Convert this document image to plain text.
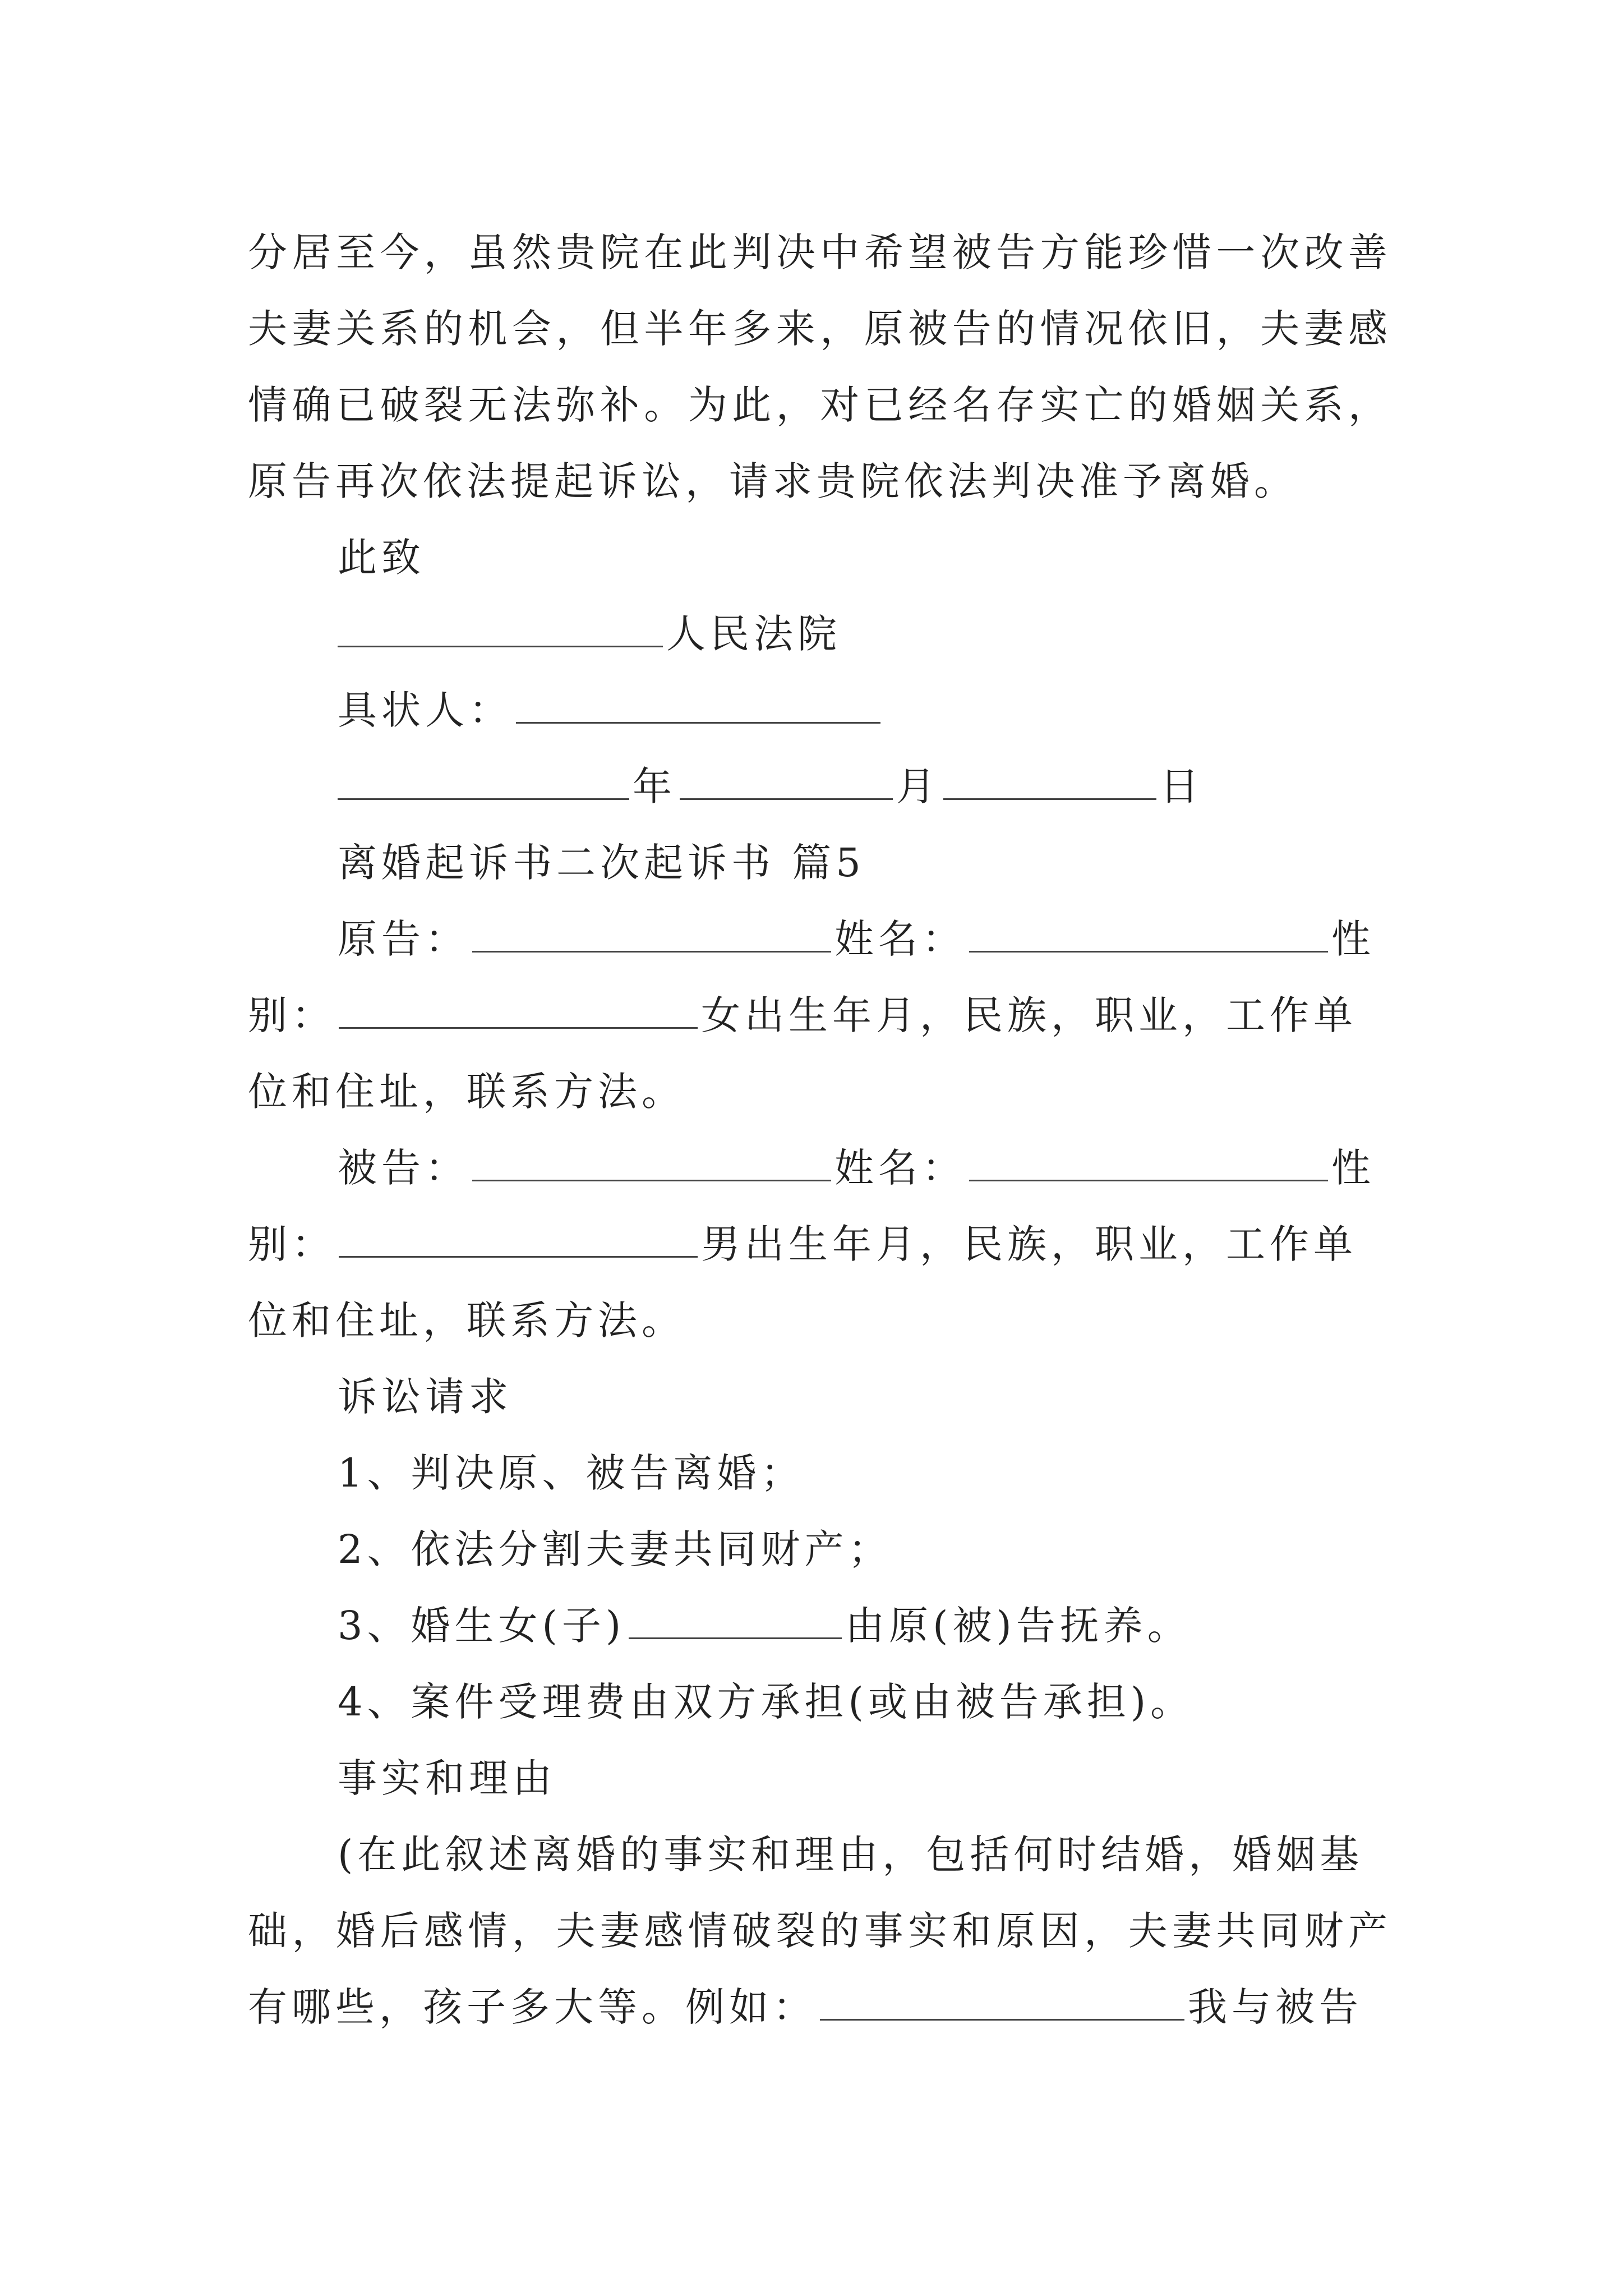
分居至今，虽然贵院在此判决中希望被告方能珍惜一次改善
夫妻关系的机会，但半年多来，原被告的情况依旧，夫妻感
情确已破裂无法弥补。为此，对已经名存实亡的婚姻关系，
原告再次依法提起诉讼，请求贵院依法判决准予离婚。
此致
人民法院
具状人：
年	月	日
离婚起诉书二次起诉书 篇5
原告：	姓名：	性
别：	女出生年月，民族，职业，工作单
位和住址，联系方法。
被告：	姓名：	性
别：	男出生年月，民族，职业，工作单
位和住址，联系方法。
诉讼请求
1、判决原、被告离婚；
2、依法分割夫妻共同财产；
3、婚生女(子)	由原(被)告抚养。
4、案件受理费由双方承担(或由被告承担)。
事实和理由
(在此叙述离婚的事实和理由，包括何时结婚，婚姻基
础，婚后感情，夫妻感情破裂的事实和原因，夫妻共同财产
有哪些，孩子多大等。例如：	我与被告
